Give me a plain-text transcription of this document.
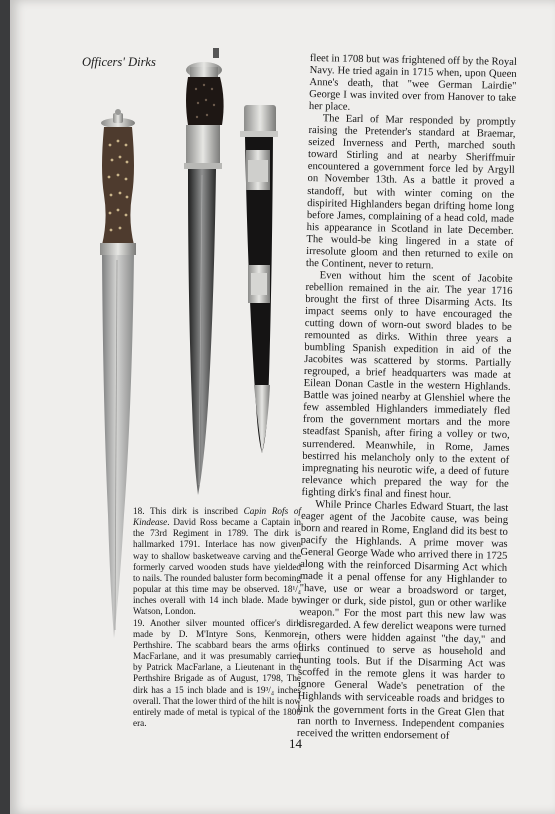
Officers' Dirks

18. This dirk is inscribed Capin Rofs of Kindease. David Ross became a Captain in the 73rd Regiment in 1789. The dirk is hallmarked 1791. Interlace has now given way to shallow basketweave carving and the formerly carved wooden studs have yielded to nails. The rounded baluster form becoming popular at this time may be observed. 18¹/₄ inches overall with 14 inch blade. Made by Watson, London.

19. Another silver mounted officer's dirk made by D. M'Intyre Sons, Kenmore, Perthshire. The scabbard bears the arms of MacFarlane, and it was presumably carried by Patrick MacFarlane, a Lieutenant in the Perthshire Brigade as of August, 1798, The dirk has a 15 inch blade and is 19³/₄ inches overall. That the lower third of the hilt is now entirely made of metal is typical of the 1800 era.

fleet in 1708 but was frightened off by the Royal Navy. He tried again in 1715 when, upon Queen Anne's death, that "wee German Lairdie" George I was invited over from Hanover to take her place.

The Earl of Mar responded by promptly raising the Pretender's standard at Braemar, seized Inverness and Perth, marched south toward Stirling and at nearby Sheriffmuir encountered a government force led by Argyll on November 13th. As a battle it proved a standoff, but with winter coming on the dispirited Highlanders began drifting home long before James, complaining of a head cold, made his appearance in Scotland in late December. The would-be king lingered in a state of irresolute gloom and then returned to exile on the Continent, never to return.

Even without him the scent of Jacobite rebellion remained in the air. The year 1716 brought the first of three Disarming Acts. Its impact seems only to have encouraged the cutting down of worn-out sword blades to be remounted as dirks. Within three years a bumbling Spanish expedition in aid of the Jacobites was scattered by storms. Partially regrouped, a brief headquarters was made at Eilean Donan Castle in the western Highlands. Battle was joined nearby at Glenshiel where the few assembled Highlanders immediately fled from the government mortars and the more steadfast Spanish, after firing a volley or two, surrendered. Meanwhile, in Rome, James bestirred his melancholy only to the extent of impregnating his neurotic wife, a deed of future relevance which prepared the way for the fighting dirk's final and finest hour.

While Prince Charles Edward Stuart, the last eager agent of the Jacobite cause, was being born and reared in Rome, England did its best to pacify the Highlands. A prime mover was General George Wade who arrived there in 1725 along with the reinforced Disarming Act which made it a penal offense for any Highlander to "have, use or wear a broadsword or target, winger or durk, side pistol, gun or other warlike weapon." For the most part this new law was disregarded. A few derelict weapons were turned in, others were hidden against "the day," and dirks continued to serve as household and hunting tools. But if the Disarming Act was scoffed in the remote glens it was harder to ignore General Wade's penetration of the Highlands with serviceable roads and bridges to link the government forts in the Great Glen that ran north to Inverness. Independent companies received the written endorsement of

14
